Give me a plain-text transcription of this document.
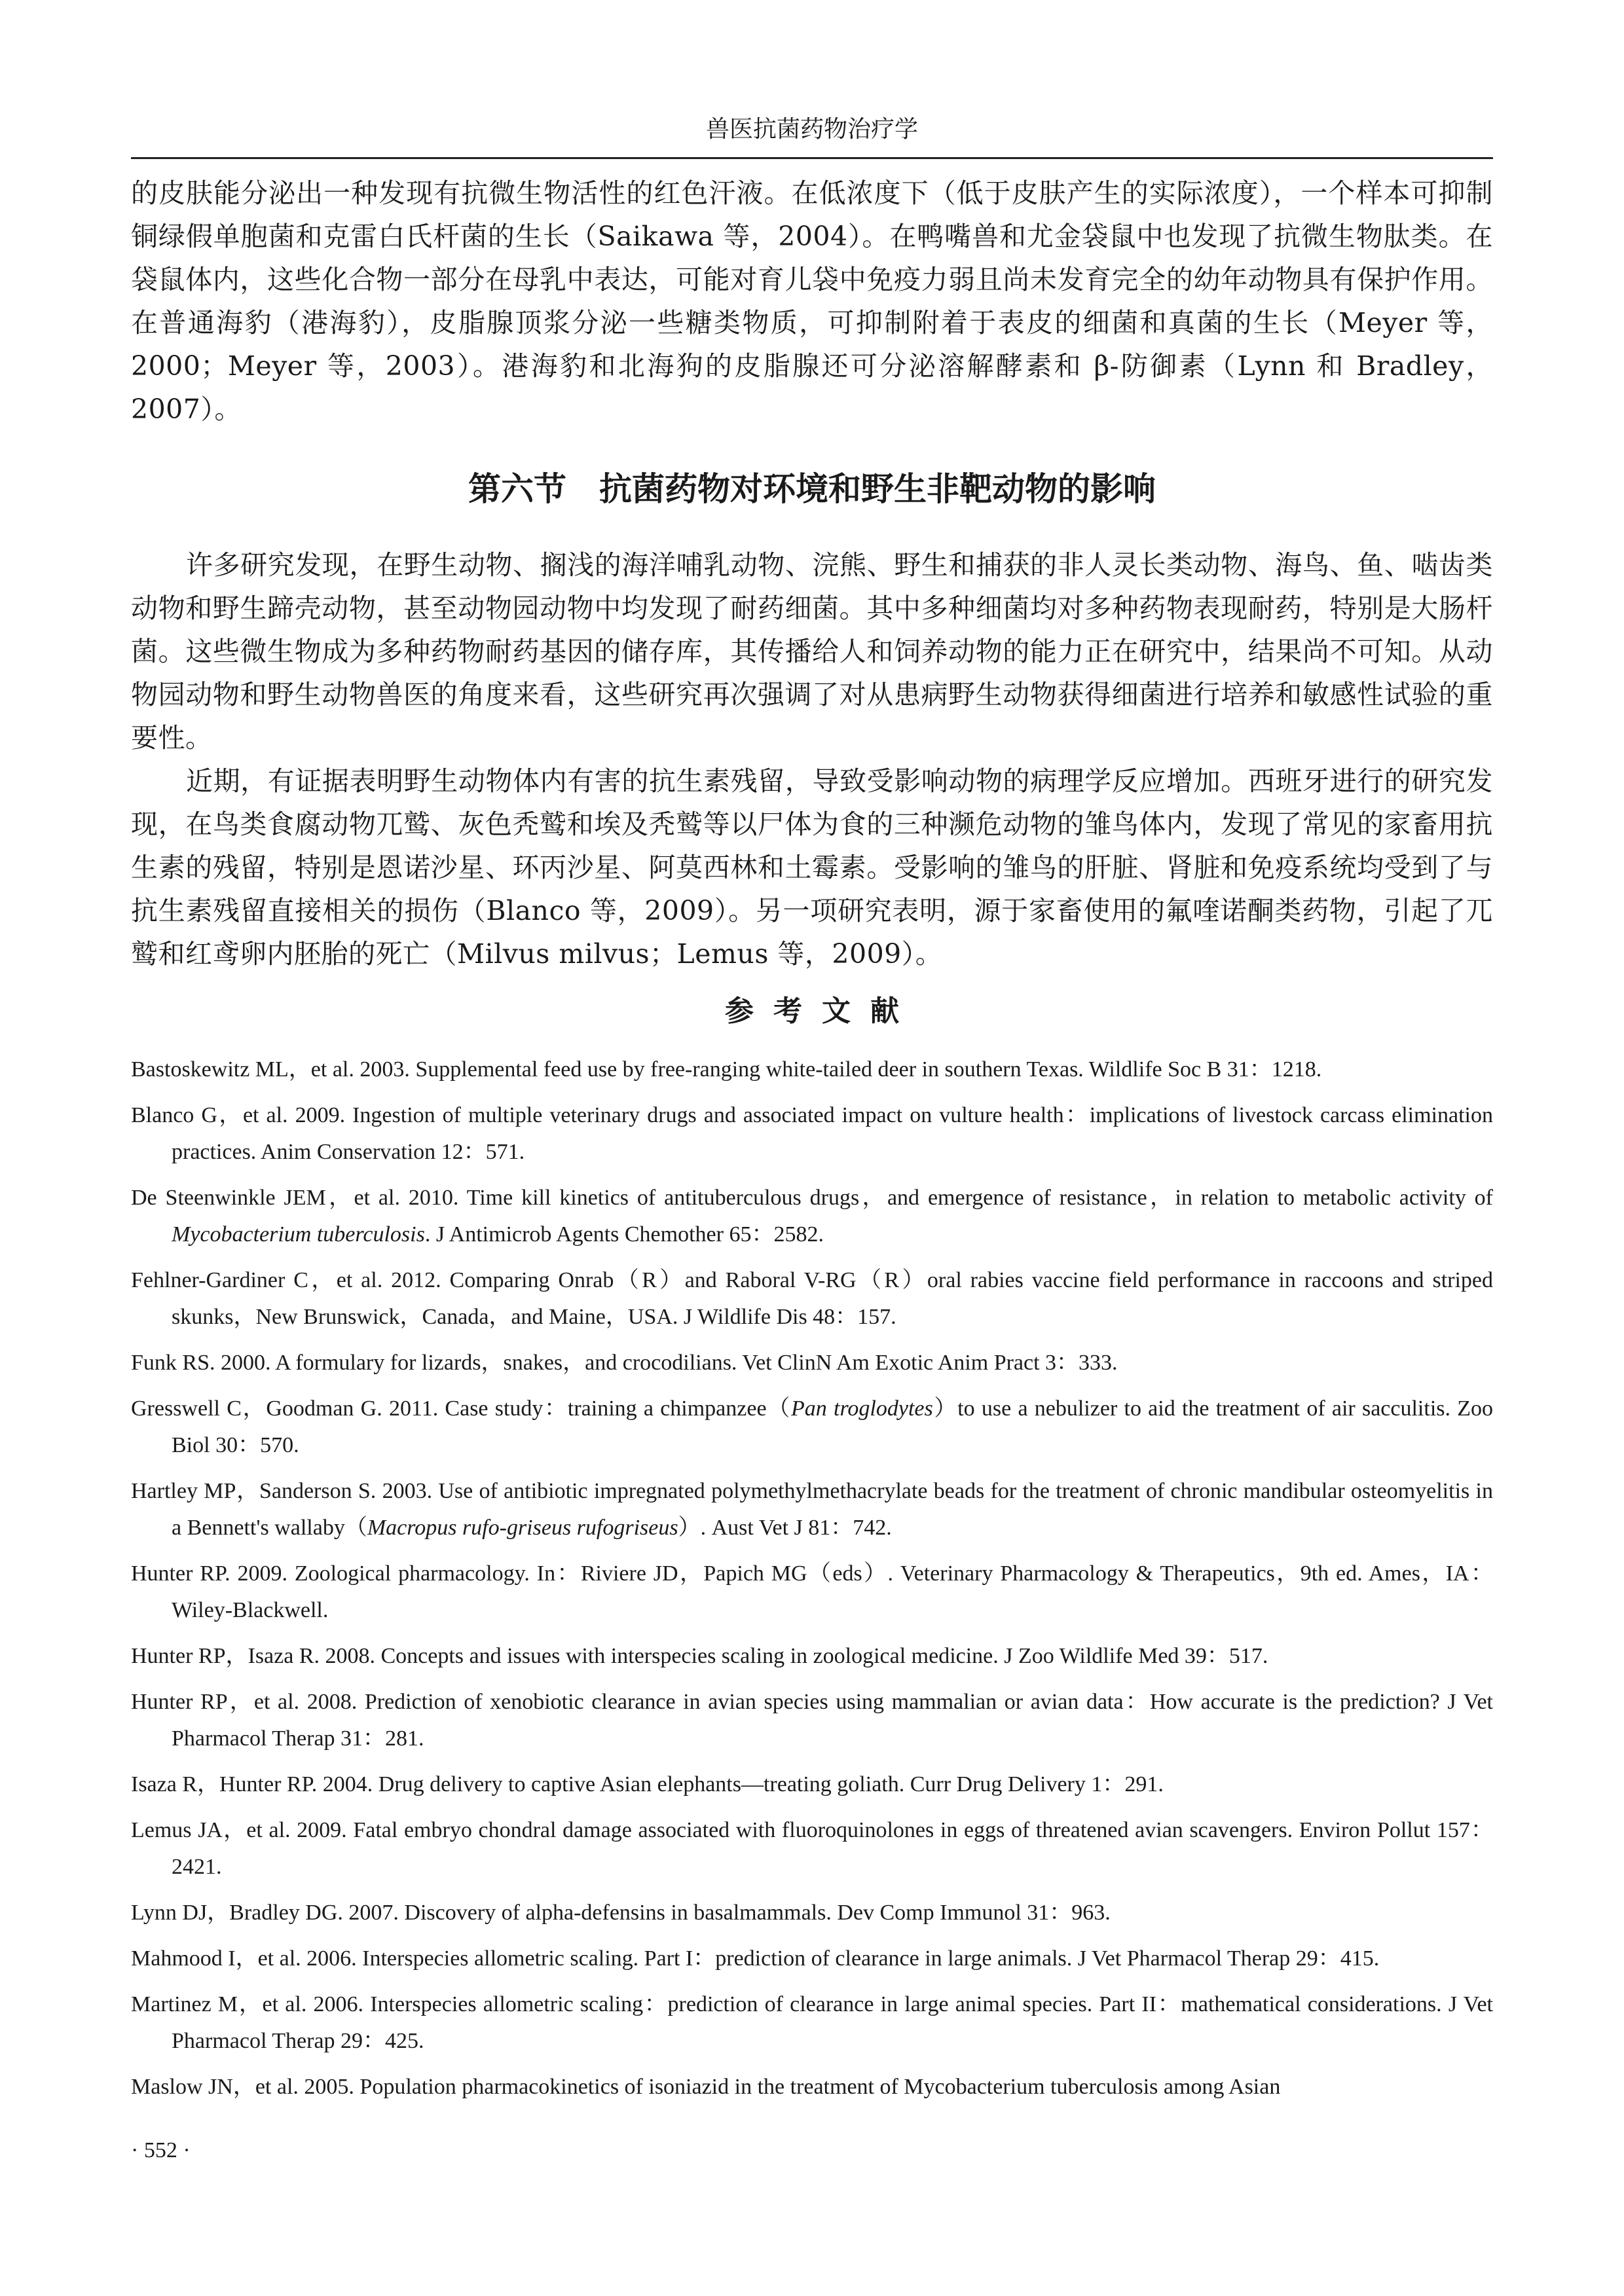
兽医抗菌药物治疗学

的皮肤能分泌出一种发现有抗微生物活性的红色汗液。在低浓度下（低于皮肤产生的实际浓度），一个样本可抑制铜绿假单胞菌和克雷白氏杆菌的生长（Saikawa 等，2004）。在鸭嘴兽和尤金袋鼠中也发现了抗微生物肽类。在袋鼠体内，这些化合物一部分在母乳中表达，可能对育儿袋中免疫力弱且尚未发育完全的幼年动物具有保护作用。在普通海豹（港海豹），皮脂腺顶浆分泌一些糖类物质，可抑制附着于表皮的细菌和真菌的生长（Meyer 等，2000；Meyer 等，2003）。港海豹和北海狗的皮脂腺还可分泌溶解酵素和 β-防御素（Lynn 和 Bradley，2007）。

第六节　抗菌药物对环境和野生非靶动物的影响

许多研究发现，在野生动物、搁浅的海洋哺乳动物、浣熊、野生和捕获的非人灵长类动物、海鸟、鱼、啮齿类动物和野生蹄壳动物，甚至动物园动物中均发现了耐药细菌。其中多种细菌均对多种药物表现耐药，特别是大肠杆菌。这些微生物成为多种药物耐药基因的储存库，其传播给人和饲养动物的能力正在研究中，结果尚不可知。从动物园动物和野生动物兽医的角度来看，这些研究再次强调了对从患病野生动物获得细菌进行培养和敏感性试验的重要性。

近期，有证据表明野生动物体内有害的抗生素残留，导致受影响动物的病理学反应增加。西班牙进行的研究发现，在鸟类食腐动物兀鹫、灰色秃鹫和埃及秃鹫等以尸体为食的三种濒危动物的雏鸟体内，发现了常见的家畜用抗生素的残留，特别是恩诺沙星、环丙沙星、阿莫西林和土霉素。受影响的雏鸟的肝脏、肾脏和免疫系统均受到了与抗生素残留直接相关的损伤（Blanco 等，2009）。另一项研究表明，源于家畜使用的氟喹诺酮类药物，引起了兀鹫和红鸢卵内胚胎的死亡（Milvus milvus；Lemus 等，2009）。

参考文献
Bastoskewitz ML，et al. 2003. Supplemental feed use by free-ranging white-tailed deer in southern Texas. Wildlife Soc B 31：1218.
Blanco G，et al. 2009. Ingestion of multiple veterinary drugs and associated impact on vulture health：implications of livestock carcass elimination practices. Anim Conservation 12：571.
De Steenwinkle JEM，et al. 2010. Time kill kinetics of antituberculous drugs，and emergence of resistance，in relation to metabolic activity of Mycobacterium tuberculosis. J Antimicrob Agents Chemother 65：2582.
Fehlner-Gardiner C，et al. 2012. Comparing Onrab（R）and Raboral V-RG（R）oral rabies vaccine field performance in raccoons and striped skunks，New Brunswick，Canada，and Maine，USA. J Wildlife Dis 48：157.
Funk RS. 2000. A formulary for lizards，snakes，and crocodilians. Vet ClinN Am Exotic Anim Pract 3：333.
Gresswell C，Goodman G. 2011. Case study：training a chimpanzee（Pan troglodytes）to use a nebulizer to aid the treatment of air sacculitis. Zoo Biol 30：570.
Hartley MP，Sanderson S. 2003. Use of antibiotic impregnated polymethylmethacrylate beads for the treatment of chronic mandibular osteomyelitis in a Bennett's wallaby（Macropus rufo-griseus rufogriseus）. Aust Vet J 81：742.
Hunter RP. 2009. Zoological pharmacology. In：Riviere JD，Papich MG（eds）. Veterinary Pharmacology & Therapeutics，9th ed. Ames，IA：Wiley-Blackwell.
Hunter RP，Isaza R. 2008. Concepts and issues with interspecies scaling in zoological medicine. J Zoo Wildlife Med 39：517.
Hunter RP，et al. 2008. Prediction of xenobiotic clearance in avian species using mammalian or avian data：How accurate is the prediction? J Vet Pharmacol Therap 31：281.
Isaza R，Hunter RP. 2004. Drug delivery to captive Asian elephants—treating goliath. Curr Drug Delivery 1：291.
Lemus JA，et al. 2009. Fatal embryo chondral damage associated with fluoroquinolones in eggs of threatened avian scavengers. Environ Pollut 157：2421.
Lynn DJ，Bradley DG. 2007. Discovery of alpha-defensins in basalmammals. Dev Comp Immunol 31：963.
Mahmood I，et al. 2006. Interspecies allometric scaling. Part I：prediction of clearance in large animals. J Vet Pharmacol Therap 29：415.
Martinez M，et al. 2006. Interspecies allometric scaling：prediction of clearance in large animal species. Part II：mathematical considerations. J Vet Pharmacol Therap 29：425.
Maslow JN，et al. 2005. Population pharmacokinetics of isoniazid in the treatment of Mycobacterium tuberculosis among Asian
· 552 ·
